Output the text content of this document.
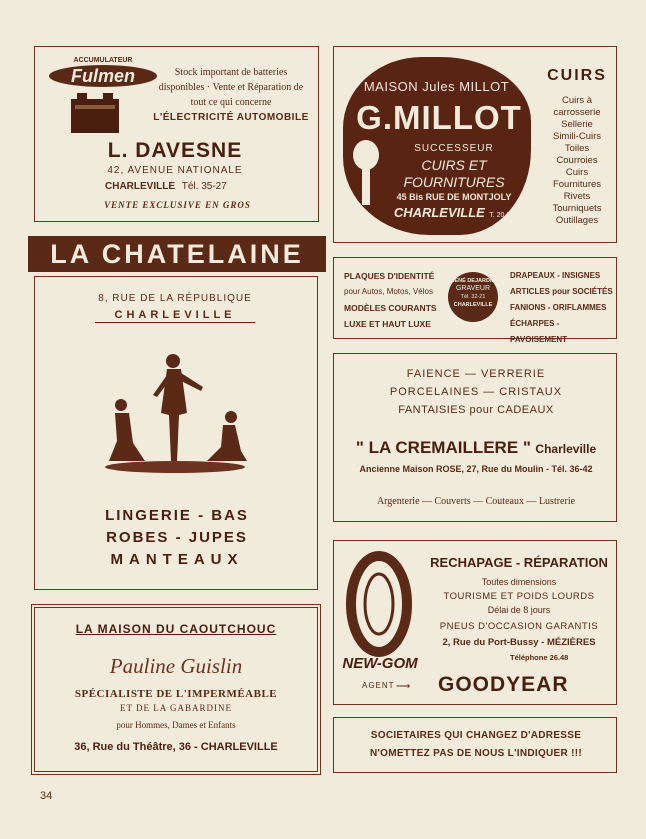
ACCUMULATEUR
Fulmen	Stock important de batteries disponibles · Vente et Réparation de tout ce qui concerne
L'ÉLECTRICITÉ AUTOMOBILE
L. DAVESNE
42, AVENUE NATIONALE
CHARLEVILLE Tél. 35-27
VENTE EXCLUSIVE EN GROS
MAISON Jules MILLOT
G.MILLOT
SUCCESSEUR
CUIRS ET
FOURNITURES
45 Bis RUE DE MONTJOLY
CHARLEVILLE T. 20.29
CUIRS
Cuirs à
carrosserie
Sellerie
Simili-Cuirs
Toiles
Courroies
Cuirs
Fournitures
Rivets
Tourniquets
Outillages
LA CHATELAINE
8, RUE DE LA RÉPUBLIQUE
CHARLEVILLE
LINGERIE - BAS
ROBES - JUPES
MANTEAUX
PLAQUES D'IDENTITÉ
pour Autos, Motos, Vélos
MODÈLES COURANTS
LUXE ET HAUT LUXE
RENÉ DEJARDIN
GRAVEUR
Tél. 32-21
CHARLEVILLE
DRAPEAUX - INSIGNES
ARTICLES pour SOCIÉTÉS
FANIONS - ORIFLAMMES
ÉCHARPES - PAVOISEMENT
FAIENCE — VERRERIE
PORCELAINES — CRISTAUX
FANTAISIES pour CADEAUX
" LA CREMAILLERE " Charleville
Ancienne Maison ROSE, 27, Rue du Moulin - Tél. 36-42
Argenterie — Couverts — Couteaux — Lustrerie
NEW-GOM
RECHAPAGE - RÉPARATION
Toutes dimensions
TOURISME ET POIDS LOURDS
Délai de 8 jours
PNEUS D'OCCASION GARANTIS
2, Rue du Port-Bussy - MÉZIÈRES
Téléphone 26.48
AGENT ⟶ GOODYEAR
LA MAISON DU CAOUTCHOUC
Pauline Guislin
SPÉCIALISTE DE L'IMPERMÉABLE
ET DE LA GABARDINE
pour Hommes, Dames et Enfants
36, Rue du Théâtre, 36 - CHARLEVILLE
SOCIETAIRES QUI CHANGEZ D'ADRESSE
N'OMETTEZ PAS DE NOUS L'INDIQUER !!!
34
